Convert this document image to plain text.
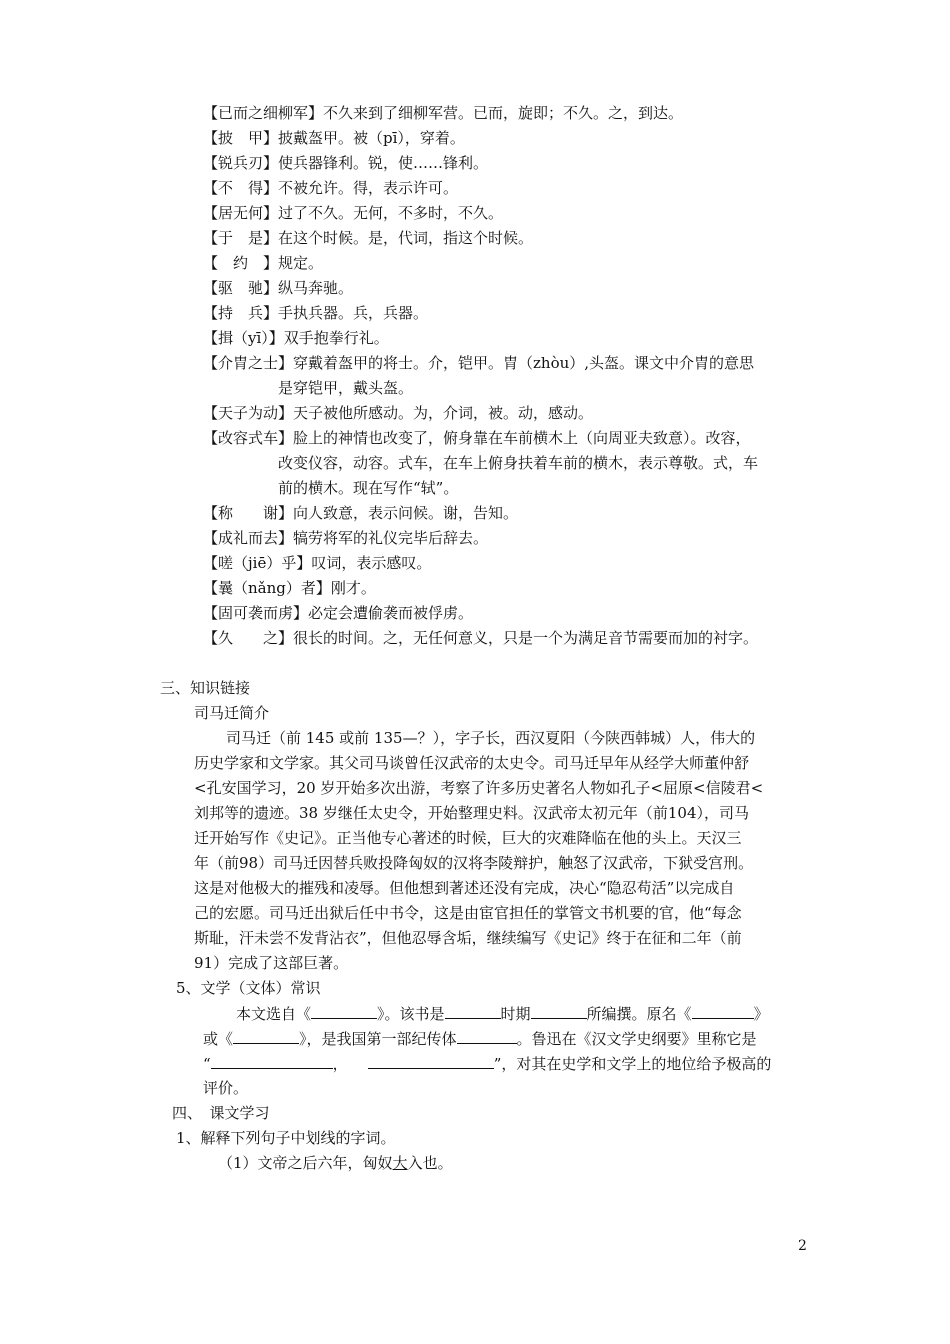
【已而之细柳军】不久来到了细柳军营。已而，旋即；不久。之，到达。
【披　甲】披戴盔甲。被（pī），穿着。
【锐兵刃】使兵器锋利。锐，使……锋利。
【不　得】不被允许。得，表示许可。
【居无何】过了不久。无何，不多时，不久。
【于　是】在这个时候。是，代词，指这个时候。
【　约　】规定。
【驱　驰】纵马奔驰。
【持　兵】手执兵器。兵，兵器。
【揖（yī）】双手抱拳行礼。
【介胄之士】穿戴着盔甲的将士。介，铠甲。胄（zhòu）,头盔。课文中介胄的意思
是穿铠甲，戴头盔。
【天子为动】天子被他所感动。为，介词，被。动，感动。
【改容式车】脸上的神情也改变了，俯身靠在车前横木上（向周亚夫致意）。改容，
改变仪容，动容。式车，在车上俯身扶着车前的横木，表示尊敬。式，车
前的横木。现在写作“轼”。
【称　　谢】向人致意，表示问候。谢，告知。
【成礼而去】犒劳将军的礼仪完毕后辞去。
【嗟（jiē）乎】叹词，表示感叹。
【曩（nǎng）者】刚才。
【固可袭而虏】必定会遭偷袭而被俘虏。
【久　　之】很长的时间。之，无任何意义，只是一个为满足音节需要而加的衬字。
三、知识链接
司马迁简介
司马迁（前 145 或前 135—？），字子长，西汉夏阳（今陕西韩城）人，伟大的
历史学家和文学家。其父司马谈曾任汉武帝的太史令。司马迁早年从经学大师董仲舒
<孔安国学习，20 岁开始多次出游，考察了许多历史著名人物如孔子<屈原<信陵君<
刘邦等的遗迹。38 岁继任太史令，开始整理史料。汉武帝太初元年（前104），司马
迁开始写作《史记》。正当他专心著述的时候，巨大的灾难降临在他的头上。天汉三
年（前98）司马迁因替兵败投降匈奴的汉将李陵辩护，触怒了汉武帝，下狱受宫刑。
这是对他极大的摧残和凌辱。但他想到著述还没有完成，决心“隐忍苟活”以完成自
己的宏愿。司马迁出狱后任中书令，这是由宦官担任的掌管文书机要的官，他“每念
斯耻，汗未尝不发背沾衣”，但他忍辱含垢，继续编写《史记》终于在征和二年（前
91）完成了这部巨著。
5、文学（文体）常识
本文选自《	》。该书是	时期	所编撰。原名《	》
或《	》，是我国第一部纪传体	。鲁迅在《汉文学史纲要》里称它是
“	，	”，对其在史学和文学上的地位给予极高的
评价。
四、　课文学习
1、解释下列句子中划线的字词。
（1）文帝之后六年，匈奴大入也。
2
